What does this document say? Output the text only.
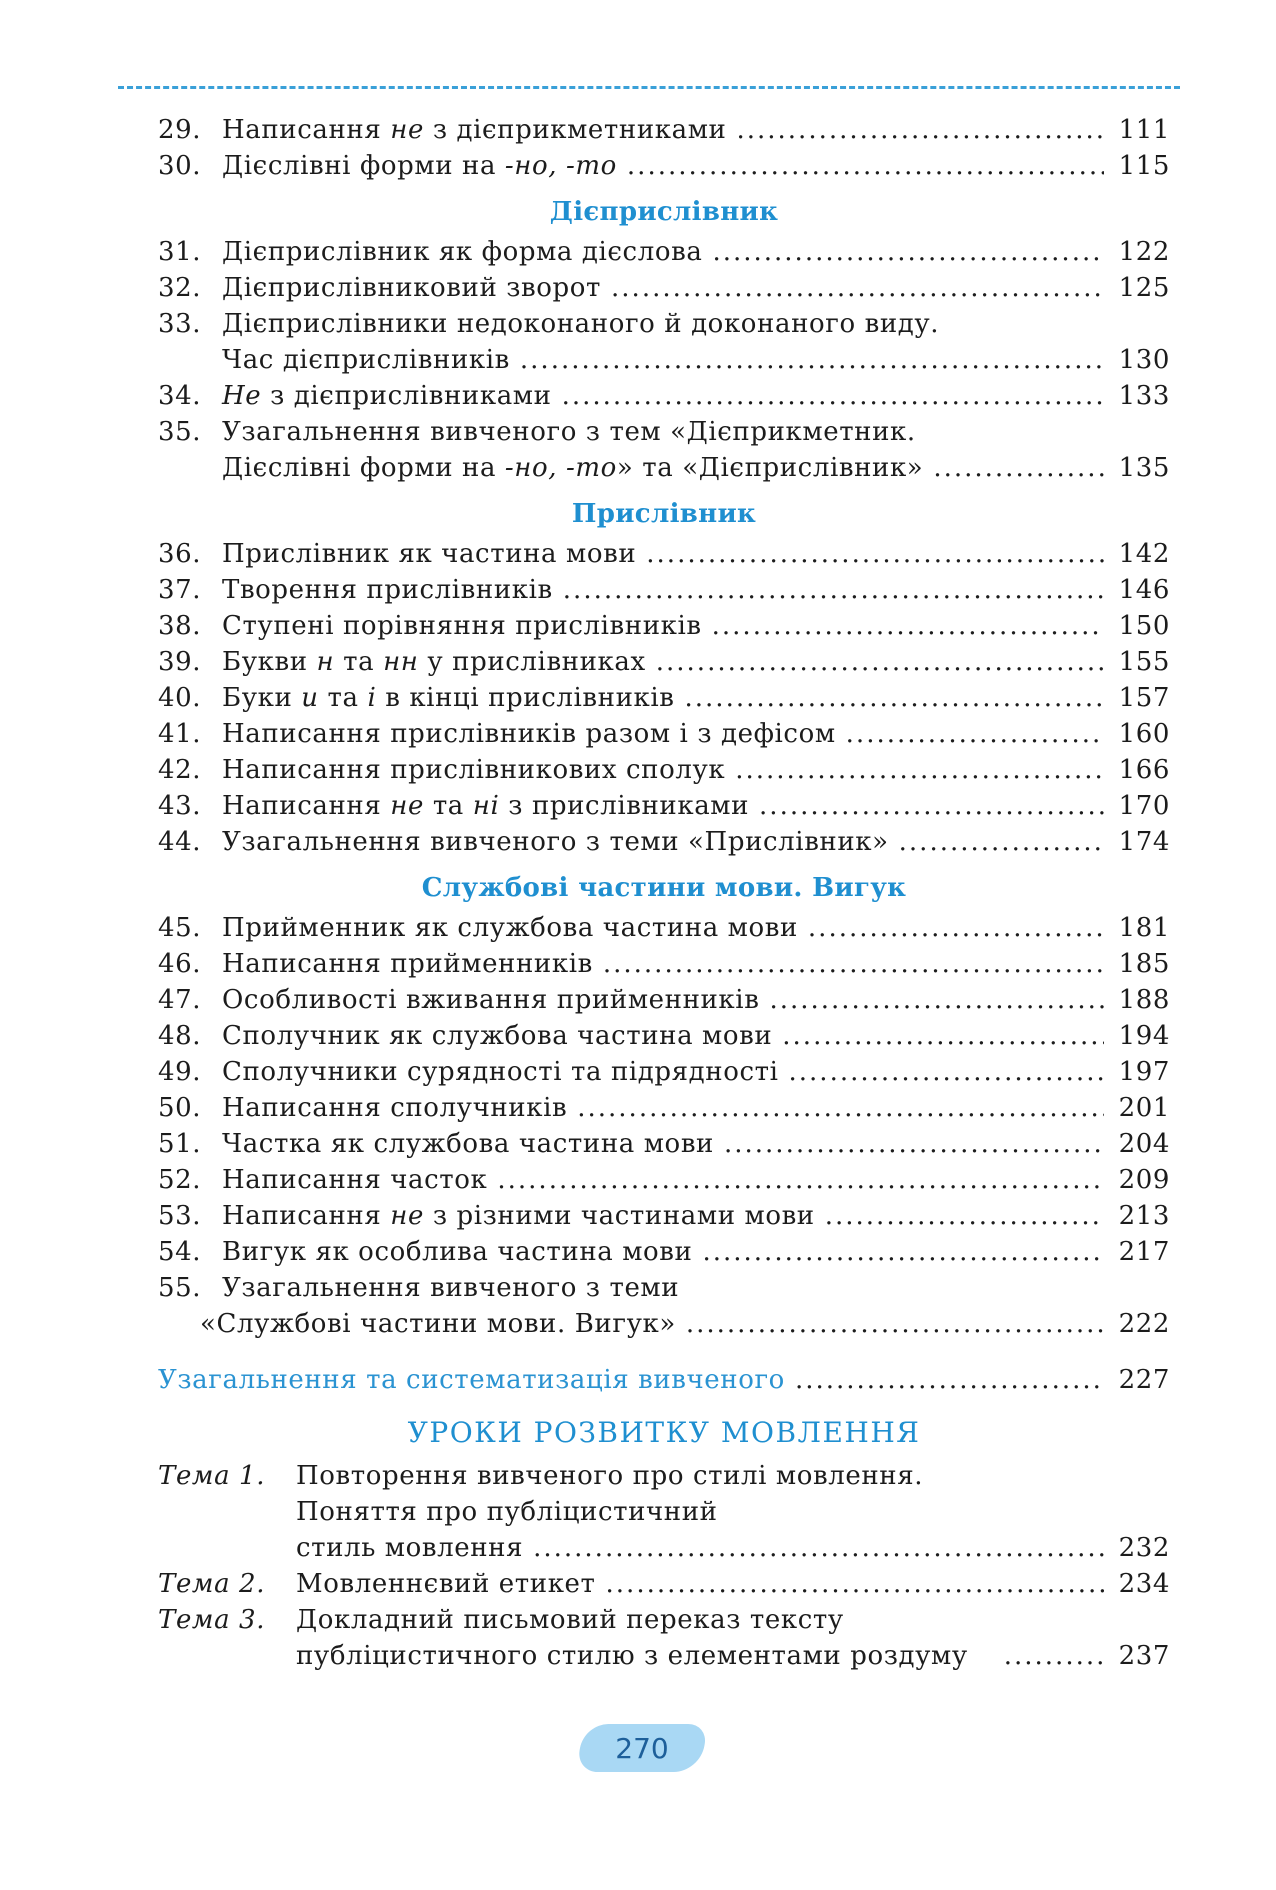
29. Написання не з дієприкметниками .....	111
30. Дієслівні форми на -но, -то .....	115
Дієприслівник
31. Дієприслівник як форма дієслова .....	122
32. Дієприслівниковий зворот .....	125
33. Дієприслівники недоконаного й доконаного виду.
Час дієприслівників .....	130
34. Не з дієприслівниками .....	133
35. Узагальнення вивченого з тем «Дієприкметник.
Дієслівні форми на -но, -то» та «Дієприслівник» .....	135
Прислівник
36. Прислівник як частина мови .....	142
37. Творення прислівників .....	146
38. Ступені порівняння прислівників .....	150
39. Букви н та нн у прислівниках .....	155
40. Буки и та і в кінці прислівників .....	157
41. Написання прислівників разом і з дефісом .....	160
42. Написання прислівникових сполук .....	166
43. Написання не та ні з прислівниками .....	170
44. Узагальнення вивченого з теми «Прислівник» .....	174
Службові частини мови. Вигук
45. Прийменник як службова частина мови .....	181
46. Написання прийменників .....	185
47. Особливості вживання прийменників .....	188
48. Сполучник як службова частина мови .....	194
49. Сполучники сурядності та підрядності .....	197
50. Написання сполучників .....	201
51. Частка як службова частина мови .....	204
52. Написання часток .....	209
53. Написання не з різними частинами мови .....	213
54. Вигук як особлива частина мови .....	217
55. Узагальнення вивченого з теми
«Службові частини мови. Вигук» .....	222
Узагальнення та систематизація вивченого .....	227
УРОКИ РОЗВИТКУ МОВЛЕННЯ
Тема 1.	Повторення вивченого про стилі мовлення.
Поняття про публіцистичний
стиль мовлення .....	232
Тема 2.	Мовленнєвий етикет .....	234
Тема 3.	Докладний письмовий переказ тексту
публіцистичного стилю з елементами роздуму .....	237
270
